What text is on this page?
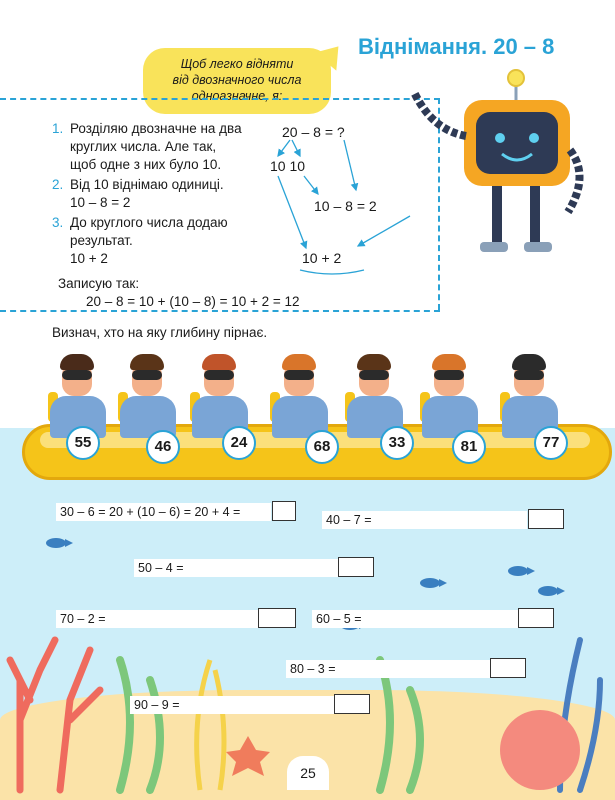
Віднімання. 20 – 8
Щоб легко відняти
від двозначного числа
одноазначне, я:
1. Розділяю двозначне на два
круглих числа. Але так,
щоб одне з них було 10.
2. Від 10 віднімаю одиниці.
10 – 8 = 2
3. До круглого числа додаю
результат.
10 + 2
Записую так:
20 – 8 = 10 + (10 – 8) = 10 + 2 = 12
20 – 8 = ?
10 10
10 – 8 = 2
10 + 2
Визнач, хто на яку глибину пірнає.
55	46	24	68	33	81	77
30 – 6 = 20 + (10 – 6) = 20 + 4 =
40 – 7 =
50 – 4 =
70 – 2 =	60 – 5 =
80 – 3 =
90 – 9 =
25
